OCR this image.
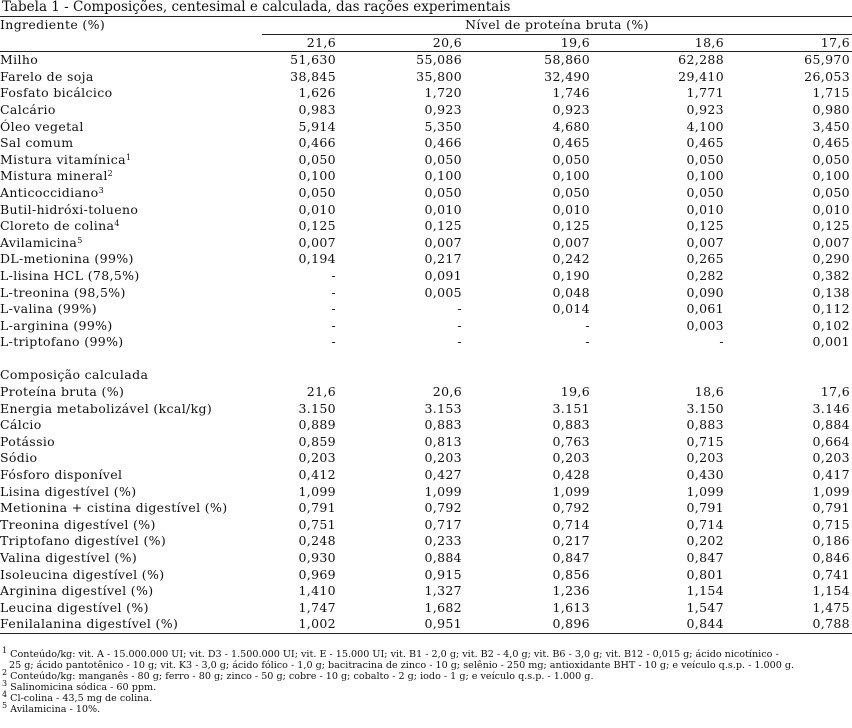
Tabela 1 - Composições, centesimal e calculada, das rações experimentais
Ingrediente (%)	Nível de proteína bruta (%)				
	21,6	20,6	19,6	18,6	17,6
Milho	51,630	55,086	58,860	62,288	65,970
Farelo de soja	38,845	35,800	32,490	29,410	26,053
Fosfato bicálcico	1,626	1,720	1,746	1,771	1,715
Calcário	0,983	0,923	0,923	0,923	0,980
Óleo vegetal	5,914	5,350	4,680	4,100	3,450
Sal comum	0,466	0,466	0,465	0,465	0,465
Mistura vitamínica$^1$	0,050	0,050	0,050	0,050	0,050
Mistura mineral$^2$	0,100	0,100	0,100	0,100	0,100
Anticoccidiano$^3$	0,050	0,050	0,050	0,050	0,050
Butil-hidróxi-tolueno	0,010	0,010	0,010	0,010	0,010
Cloreto de colina$^4$	0,125	0,125	0,125	0,125	0,125
Avilamicina$^5$	0,007	0,007	0,007	0,007	0,007
DL-metionina (99%)	0,194	0,217	0,242	0,265	0,290
L-lisina HCL (78,5%)	-	0,091	0,190	0,282	0,382
L-treonina (98,5%)	-	0,005	0,048	0,090	0,138
L-valina (99%)	-	-	0,014	0,061	0,112
L-arginina (99%)	-	-	-	0,003	0,102
L-triptofano (99%)	-	-	-	-	0,001

Composição calculada					
Proteína bruta (%)	21,6	20,6	19,6	18,6	17,6
Energia metabolizável (kcal/kg)	3.150	3.153	3.151	3.150	3.146
Cálcio	0,889	0,883	0,883	0,883	0,884
Potássio	0,859	0,813	0,763	0,715	0,664
Sódio	0,203	0,203	0,203	0,203	0,203
Fósforo disponível	0,412	0,427	0,428	0,430	0,417
Lisina digestível (%)	1,099	1,099	1,099	1,099	1,099
Metionina + cistina digestível (%)	0,791	0,792	0,792	0,791	0,791
Treonina digestível (%)	0,751	0,717	0,714	0,714	0,715
Triptofano digestível (%)	0,248	0,233	0,217	0,202	0,186
Valina digestível (%)	0,930	0,884	0,847	0,847	0,846
Isoleucina digestível (%)	0,969	0,915	0,856	0,801	0,741
Arginina digestível (%)	1,410	1,327	1,236	1,154	1,154
Leucina digestível (%)	1,747	1,682	1,613	1,547	1,475
Fenilalanina digestível (%)	1,002	0,951	0,896	0,844	0,788
$^1$ Conteúdo/kg: vit. A - 15.000.000 UI; vit. D3 - 1.500.000 UI; vit. E - 15.000 UI; vit. B1 - 2,0 g; vit. B2 - 4,0 g; vit. B6 - 3,0 g; vit. B12 - 0,015 g; ácido nicotínico -
25 g; ácido pantotênico - 10 g; vit. K3 - 3,0 g; ácido fólico - 1,0 g; bacitracina de zinco - 10 g; selênio - 250 mg; antioxidante BHT - 10 g; e veículo q.s.p. - 1.000 g.
$^2$ Conteúdo/kg: manganês - 80 g; ferro - 80 g; zinco - 50 g; cobre - 10 g; cobalto - 2 g; iodo - 1 g; e veículo q.s.p. - 1.000 g.
$^3$ Salinomicina sódica - 60 ppm.
$^4$ Cl-colina - 43,5 mg de colina.
$^5$ Avilamicina - 10%.
